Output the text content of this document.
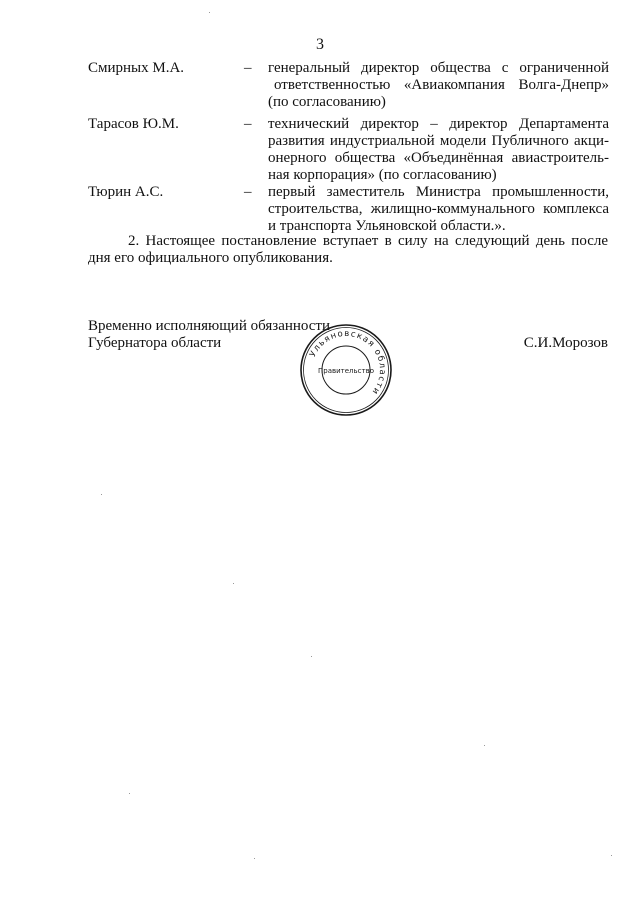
3
Смирных М.А.	– генеральный директор общества с ограниченной
ответственностью «Авиакомпания Волга-Днепр»
(по согласованию)
Тарасов Ю.М.	– технический директор – директор Департамента
развития индустриальной модели Публичного акци-
онерного общества «Объединённая авиастроитель-
ная корпорация» (по согласованию)
Тюрин А.С.	– первый заместитель Министра промышленности,
строительства, жилищно-коммунального комплекса
и транспорта Ульяновской области.».
2. Настоящее постановление вступает в силу на следующий день после
дня его официального опубликования.
Временно исполняющий обязанности
Губернатора области
Ульяновская области
Правительство
С.И.Морозов
